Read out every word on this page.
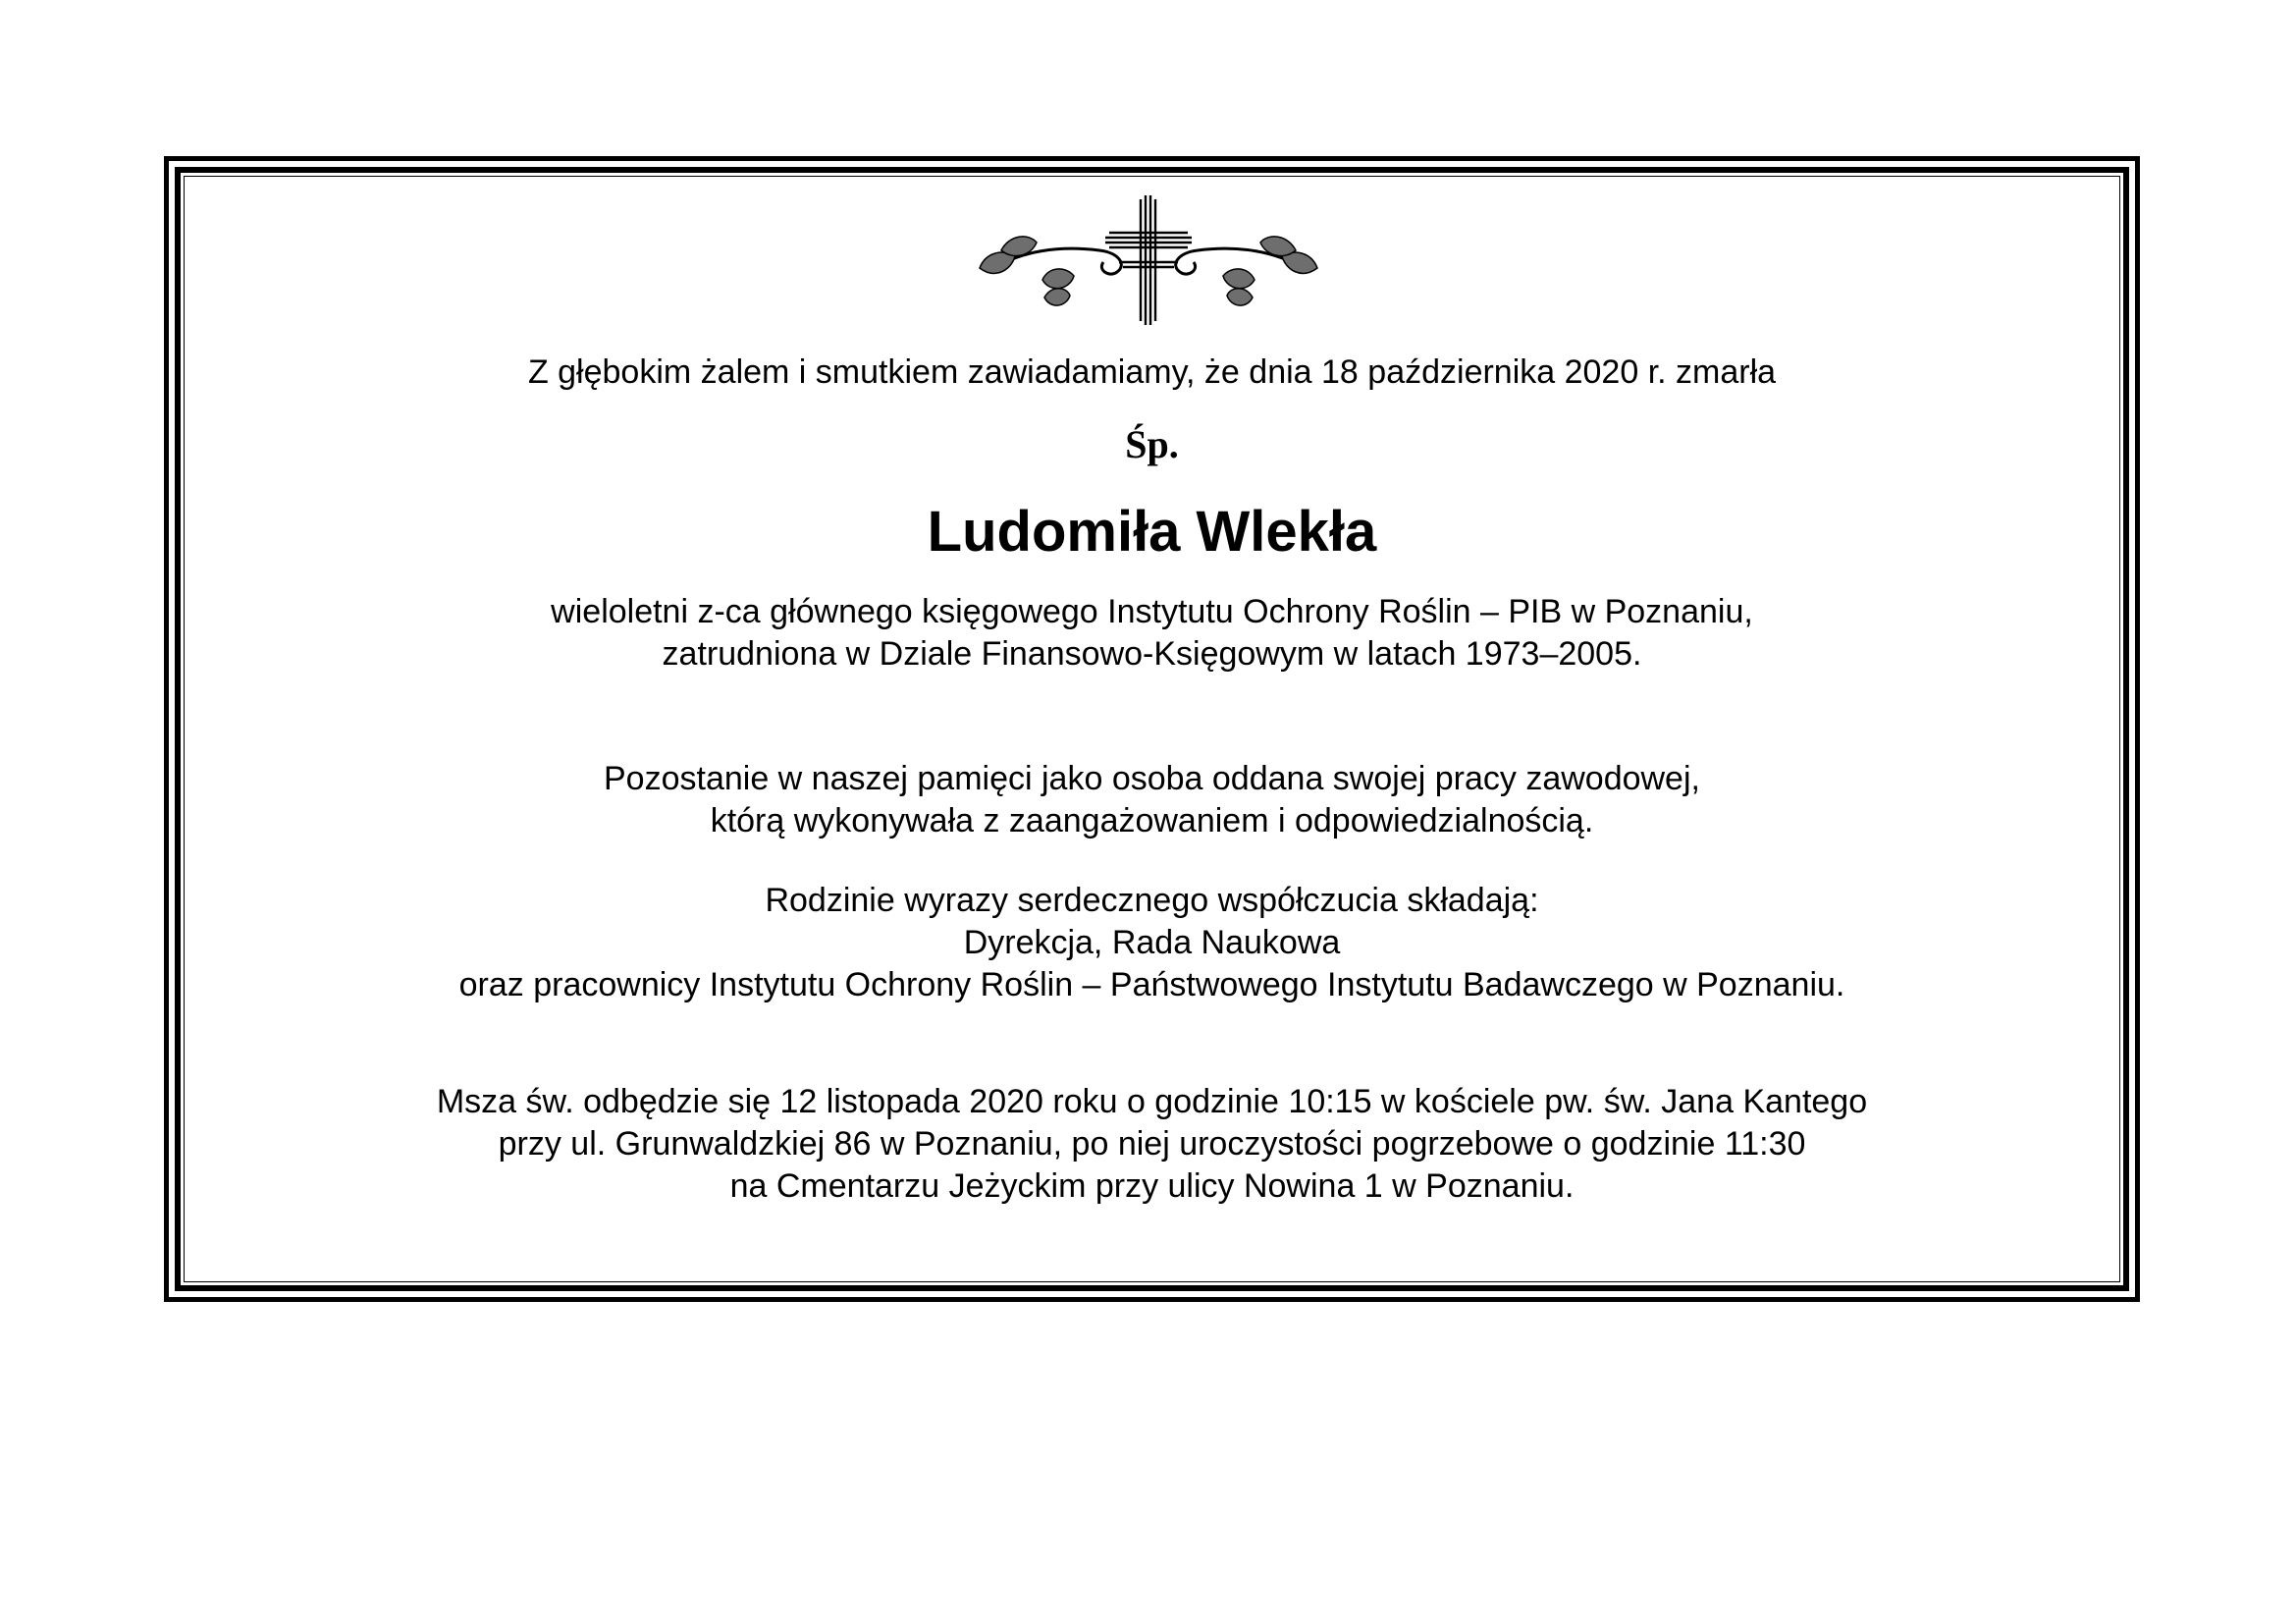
Z głębokim żalem i smutkiem zawiadamiamy, że dnia 18 października 2020 r. zmarła
Śp.
Ludomiła Wlekła
wieloletni z-ca głównego księgowego Instytutu Ochrony Roślin – PIB w Poznaniu,
zatrudniona w Dziale Finansowo-Księgowym w latach 1973–2005.
Pozostanie w naszej pamięci jako osoba oddana swojej pracy zawodowej,
którą wykonywała z zaangażowaniem i odpowiedzialnością.
Rodzinie wyrazy serdecznego współczucia składają:
Dyrekcja, Rada Naukowa
oraz pracownicy Instytutu Ochrony Roślin – Państwowego Instytutu Badawczego w Poznaniu.
Msza św. odbędzie się 12 listopada 2020 roku o godzinie 10:15 w kościele pw. św. Jana Kantego
przy ul. Grunwaldzkiej 86 w Poznaniu, po niej uroczystości pogrzebowe o godzinie 11:30
na Cmentarzu Jeżyckim przy ulicy Nowina 1 w Poznaniu.
